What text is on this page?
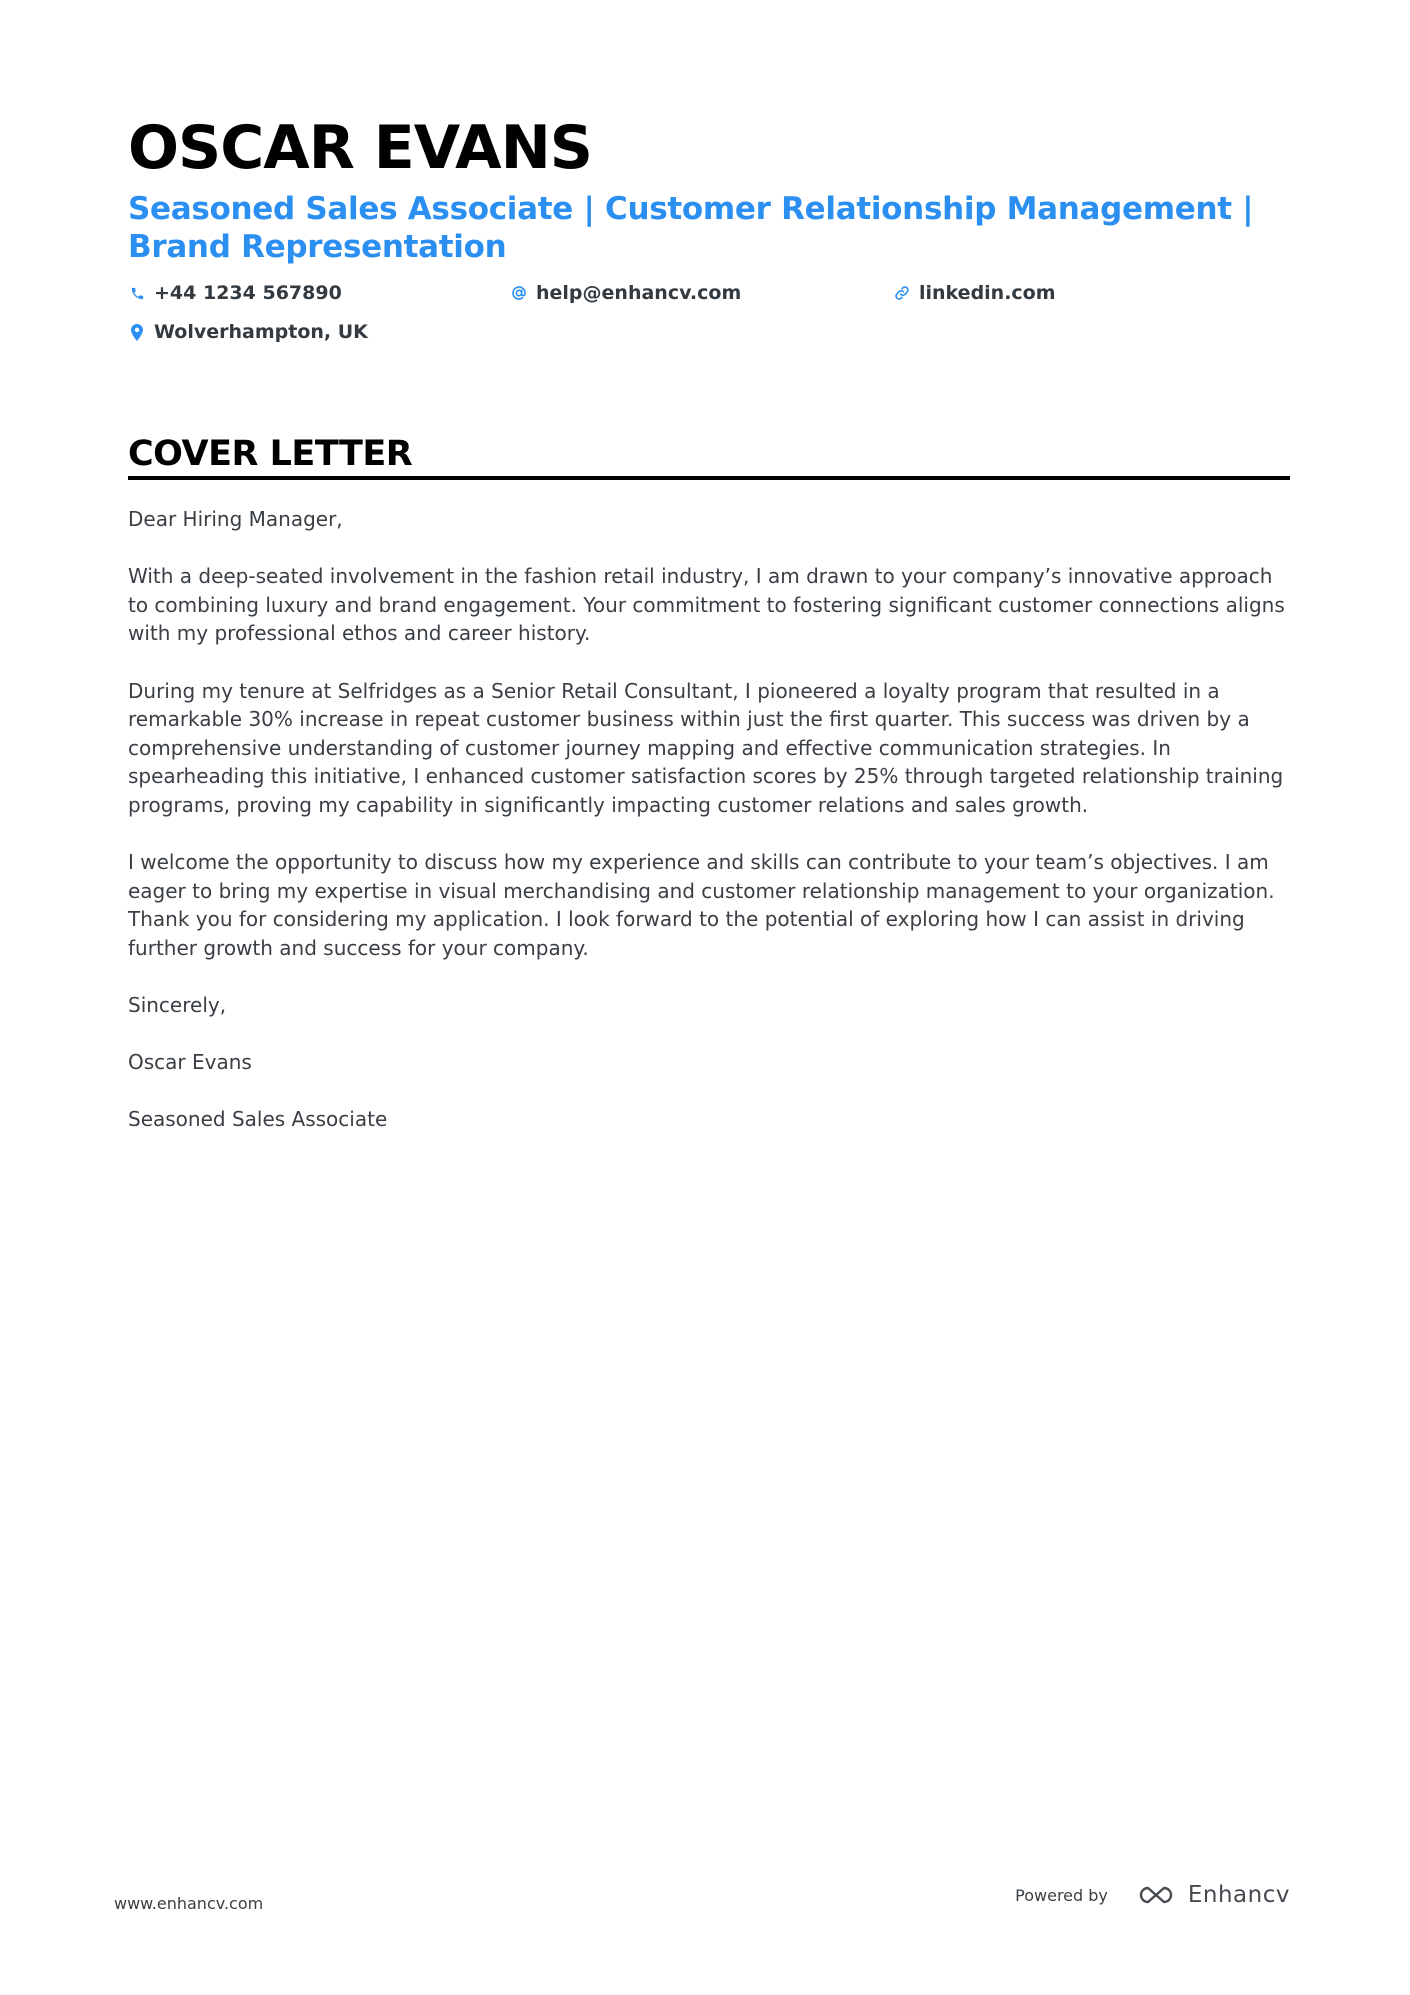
OSCAR EVANS
Seasoned Sales Associate | Customer Relationship Management | Brand Representation
+44 1234 567890	help@enhancv.com	linkedin.com
Wolverhampton, UK
COVER LETTER

Dear Hiring Manager,

With a deep-seated involvement in the fashion retail industry, I am drawn to your company’s innovative approach to combining luxury and brand engagement. Your commitment to fostering significant customer connections aligns with my professional ethos and career history.

During my tenure at Selfridges as a Senior Retail Consultant, I pioneered a loyalty program that resulted in a remarkable 30% increase in repeat customer business within just the first quarter. This success was driven by a comprehensive understanding of customer journey mapping and effective communication strategies. In spearheading this initiative, I enhanced customer satisfaction scores by 25% through targeted relationship training programs, proving my capability in significantly impacting customer relations and sales growth.

I welcome the opportunity to discuss how my experience and skills can contribute to your team’s objectives. I am eager to bring my expertise in visual merchandising and customer relationship management to your organization. Thank you for considering my application. I look forward to the potential of exploring how I can assist in driving further growth and success for your company.

Sincerely,

Oscar Evans

Seasoned Sales Associate

www.enhancv.com	Powered by	Enhancv
